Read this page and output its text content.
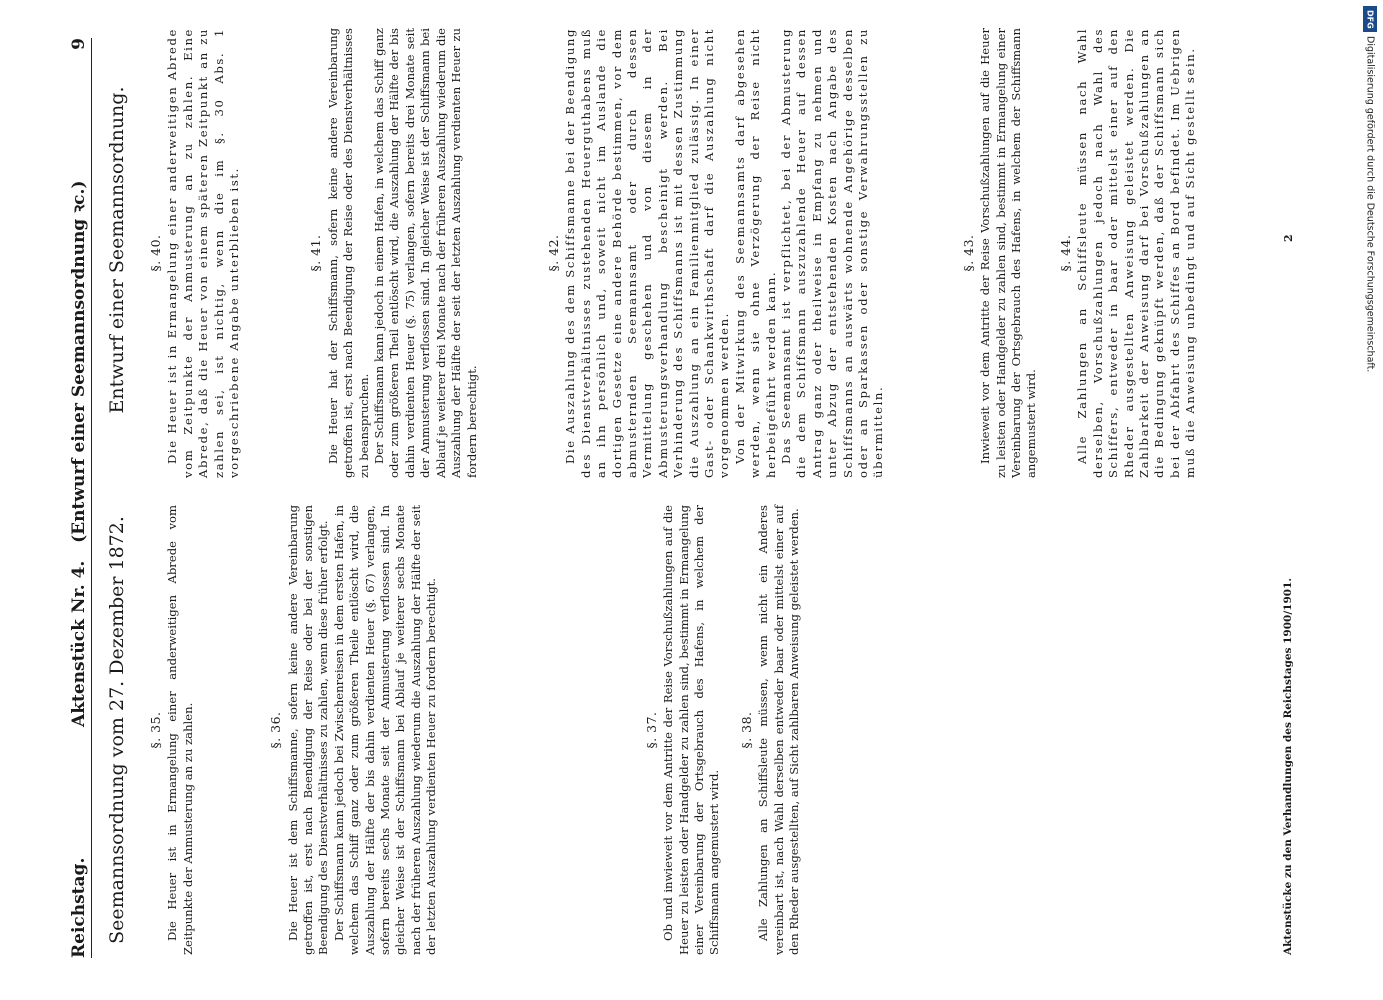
Reichstag.
Aktenstück Nr. 4.   (Entwurf einer Seemannsordnung ꝛc.)
9
Seemannsordnung vom 27. Dezember 1872.
Entwurf einer Seemannsordnung.
§. 35. Die Heuer ist in Ermangelung einer anderweitigen Abrede vom Zeitpunkte der Anmusterung an zu zahlen.	§. 36. Die Heuer ist dem Schiffsmanne, sofern keine andere Vereinbarung getroffen ist, erst nach Beendigung der Reise oder bei der sonstigen Beendigung des Dienstverhältnisses zu zahlen, wenn diese früher erfolgt. Der Schiffsmann kann jedoch bei Zwischenreisen in dem ersten Hafen, in welchem das Schiff ganz oder zum größeren Theile entlöscht wird, die Auszahlung der Hälfte der bis dahin verdienten Heuer (§. 67) verlangen, sofern bereits sechs Monate seit der Anmusterung verflossen sind. In gleicher Weise ist der Schiffsmann bei Ablauf je weiterer sechs Monate nach der früheren Auszahlung wiederum die Auszahlung der Hälfte der seit der letzten Auszahlung verdienten Heuer zu fordern berechtigt.	§. 37. Ob und inwieweit vor dem Antritte der Reise Vorschußzahlungen auf die Heuer zu leisten oder Handgelder zu zahlen sind, bestimmt in Ermangelung einer Vereinbarung der Ortsgebrauch des Hafens, in welchem der Schiffsmann angemustert wird.

§. 38. Alle Zahlungen an Schiffsleute müssen, wenn nicht ein Anderes vereinbart ist, nach Wahl derselben entweder baar oder mittelst einer auf den Rheder ausgestellten, auf Sicht zahlbaren Anweisung geleistet werden.

§. 40. Die Heuer ist in Ermangelung einer anderweitigen Abrede vom Zeitpunkte der Anmusterung an zu zahlen. Eine Abrede, daß die Heuer von einem späteren Zeitpunkt an zu zahlen sei, ist nichtig, wenn die im §. 30 Abs. 1 vorgeschriebene Angabe unterblieben ist.	§. 41. Die Heuer hat der Schiffsmann, sofern keine andere Vereinbarung getroffen ist, erst nach Beendigung der Reise oder des Dienstverhältnisses zu beanspruchen. Der Schiffsmann kann jedoch in einem Hafen, in welchem das Schiff ganz oder zum größeren Theil entlöscht wird, die Auszahlung der Hälfte der bis dahin verdienten Heuer (§. 75) verlangen, sofern bereits drei Monate seit der Anmusterung verflossen sind. In gleicher Weise ist der Schiffsmann bei Ablauf je weiterer drei Monate nach der früheren Auszahlung wiederum die Auszahlung der Hälfte der seit der letzten Auszahlung verdienten Heuer zu fordern berechtigt.

§. 42. Die Auszahlung des dem Schiffsmanne bei der Beendigung des Dienstverhältnisses zustehenden Heuerguthabens muß an ihn persönlich und, soweit nicht im Auslande die dortigen Gesetze eine andere Behörde bestimmen, vor dem abmusternden Seemannsamt oder durch dessen Vermittelung geschehen und von diesem in der Abmusterungsverhandlung bescheinigt werden. Bei Verhinderung des Schiffsmanns ist mit dessen Zustimmung die Auszahlung an ein Familienmitglied zulässig. In einer Gast- oder Schankwirthschaft darf die Auszahlung nicht vorgenommen werden. Von der Mitwirkung des Seemannsamts darf abgesehen werden, wenn sie ohne Verzögerung der Reise nicht herbeigeführt werden kann. Das Seemannsamt ist verpflichtet, bei der Abmusterung die dem Schiffsmann auszuzahlende Heuer auf dessen Antrag ganz oder theilweise in Empfang zu nehmen und unter Abzug der entstehenden Kosten nach Angabe des Schiffsmanns an auswärts wohnende Angehörige desselben oder an Sparkassen oder sonstige Verwahrungsstellen zu übermitteln.

§. 43. Inwieweit vor dem Antritte der Reise Vorschußzahlungen auf die Heuer zu leisten oder Handgelder zu zahlen sind, bestimmt in Ermangelung einer Vereinbarung der Ortsgebrauch des Hafens, in welchem der Schiffsmann angemustert wird.

§. 44. Alle Zahlungen an Schiffsleute müssen nach Wahl derselben, Vorschußzahlungen jedoch nach Wahl des Schiffers, entweder in baar oder mittelst einer auf den Rheder ausgestellten Anweisung geleistet werden. Die Zahlbarkeit der Anweisung darf bei Vorschußzahlungen an die Bedingung geknüpft werden, daß der Schiffsmann sich bei der Abfahrt des Schiffes an Bord befindet. Im Uebrigen muß die Anweisung unbedingt und auf Sicht gestellt sein.

Aktenstücke zu den Verhandlungen des Reichstages 1900/1901.
2
DFG
Digitalisierung gefördert durch die Deutsche Forschungsgemeinschaft.
